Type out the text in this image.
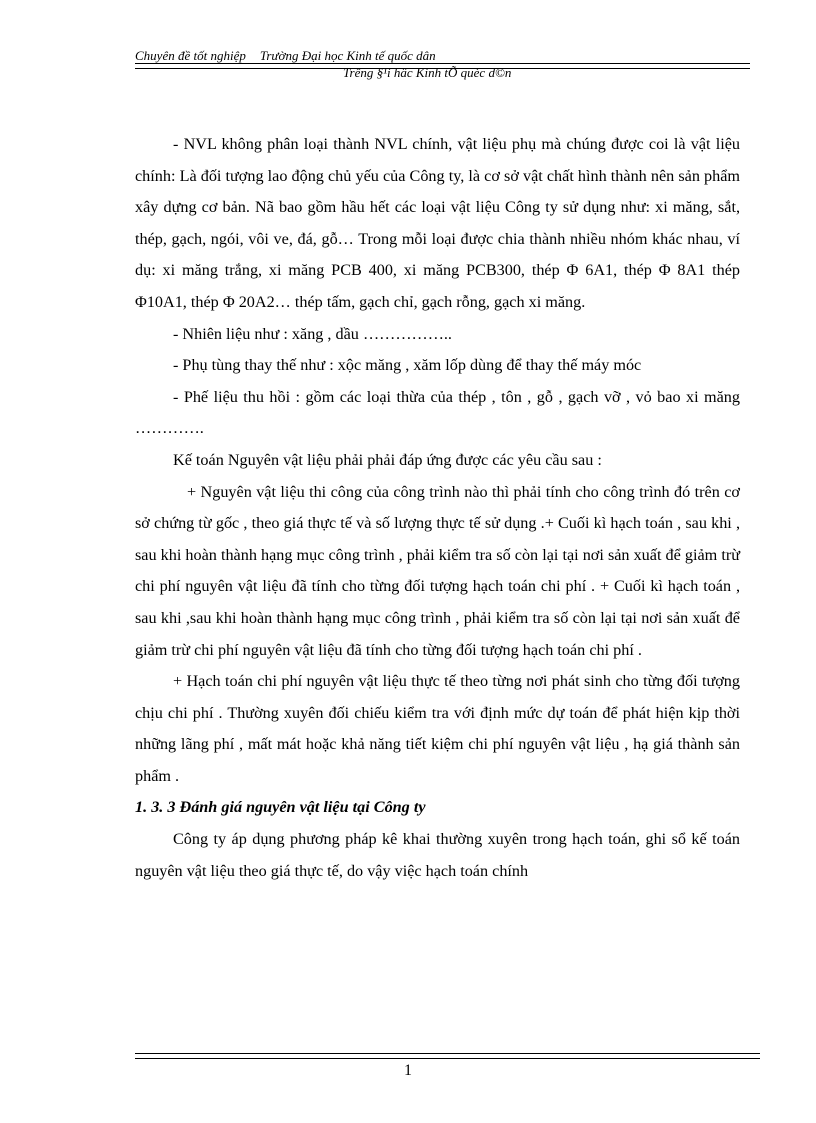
Chuyên đề tốt nghiệp Trường Đại học Kinh tế quốc dân
Trêng §¹i häc Kinh tÕ quèc d©n

- NVL không phân loại thành NVL chính, vật liệu phụ mà chúng được coi là vật liệu chính: Là đối tượng lao động chủ yếu của Công ty, là cơ sở vật chất hình thành nên sản phẩm xây dựng cơ bản. Nã bao gồm hầu hết các loại vật liệu Công ty sử dụng như: xi măng, sắt, thép, gạch, ngói, vôi ve, đá, gỗ… Trong mỗi loại được chia thành nhiều nhóm khác nhau, ví dụ: xi măng trắng, xi măng PCB 400, xi măng PCB300, thép Φ 6A1, thép Φ 8A1 thép Φ10A1, thép Φ 20A2… thép tấm, gạch chỉ, gạch rỗng, gạch xi măng.

- Nhiên liệu như : xăng , dầu ……………..

- Phụ tùng thay thế như : xộc măng , xăm lốp dùng để thay thế máy móc

- Phế liệu thu hồi : gồm các loại thừa của thép , tôn , gỗ , gạch vỡ , vỏ bao xi măng ………….

Kế toán Nguyên vật liệu phải phải đáp ứng được các yêu cầu sau :

+ Nguyên vật liệu thi công của công trình nào thì phải tính cho công trình đó trên cơ sở chứng từ gốc , theo giá thực tế và số lượng thực tế sử dụng .+ Cuối kì hạch toán , sau khi , sau khi hoàn thành hạng mục công trình , phải kiểm tra số còn lại tại nơi sản xuất để giảm trừ chi phí nguyên vật liệu đã tính cho từng đối tượng hạch toán chi phí . + Cuối kì hạch toán , sau khi ,sau khi hoàn thành hạng mục công trình , phải kiểm tra số còn lại tại nơi sản xuất để giảm trừ chi phí nguyên vật liệu đã tính cho từng đối tượng hạch toán chi phí .

+ Hạch toán chi phí nguyên vật liệu thực tế theo từng nơi phát sinh cho từng đối tượng chịu chi phí . Thường xuyên đối chiếu kiểm tra với định mức dự toán để phát hiện kịp thời những lãng phí , mất mát hoặc khả năng tiết kiệm chi phí nguyên vật liệu , hạ giá thành sản phẩm .

1. 3. 3 Đánh giá nguyên vật liệu tại Công ty

Công ty áp dụng phương pháp kê khai thường xuyên trong hạch toán, ghi sổ kế toán nguyên vật liệu theo giá thực tế, do vậy việc hạch toán chính

1
